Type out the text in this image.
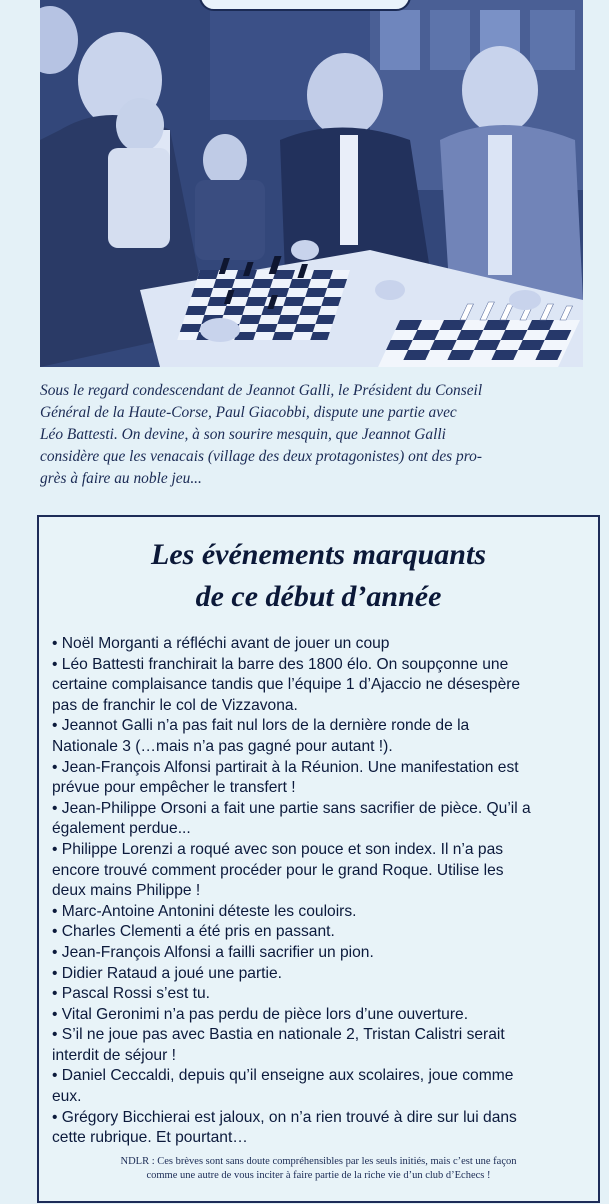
Sous le regard condescendant de Jeannot Galli, le Président du Conseil

Général de la Haute-Corse, Paul Giacobbi, dispute une partie avec

Léo Battesti. On devine, à son sourire mesquin, que Jeannot Galli

considère que les venacais (village des deux protagonistes) ont des pro-

grès à faire au noble jeu...

Les événements marquants
de ce début d’année
• Noël Morganti a réfléchi avant de jouer un coup
• Léo Battesti franchirait la barre des 1800 élo. On soupçonne une
certaine complaisance tandis que l’équipe 1 d’Ajaccio ne désespère
pas de franchir le col de Vizzavona.
• Jeannot Galli n’a pas fait nul lors de la dernière ronde de la
Nationale 3 (…mais n’a pas gagné pour autant !).
• Jean-François Alfonsi partirait à la Réunion. Une manifestation est
prévue pour empêcher le transfert !
• Jean-Philippe Orsoni a fait une partie sans sacrifier de pièce. Qu’il a
également perdue...
• Philippe Lorenzi a roqué avec son pouce et son index. Il n’a pas
encore trouvé comment procéder pour le grand Roque. Utilise les
deux mains Philippe !
• Marc-Antoine Antonini déteste les couloirs.
• Charles Clementi a été pris en passant.
• Jean-François Alfonsi a failli sacrifier un pion.
• Didier Rataud a joué une partie.
• Pascal Rossi s’est tu.
• Vital Geronimi n’a pas perdu de pièce lors d’une ouverture.
• S’il ne joue pas avec Bastia en nationale 2, Tristan Calistri serait
interdit de séjour !
• Daniel Ceccaldi, depuis qu’il enseigne aux scolaires, joue comme
eux.
• Grégory Bicchierai est jaloux, on n’a rien trouvé à dire sur lui dans
cette rubrique. Et pourtant…
NDLR : Ces brèves sont sans doute compréhensibles par les seuls initiés, mais c’est une façon
comme une autre de vous inciter à faire partie de la riche vie d’un club d’Echecs !
